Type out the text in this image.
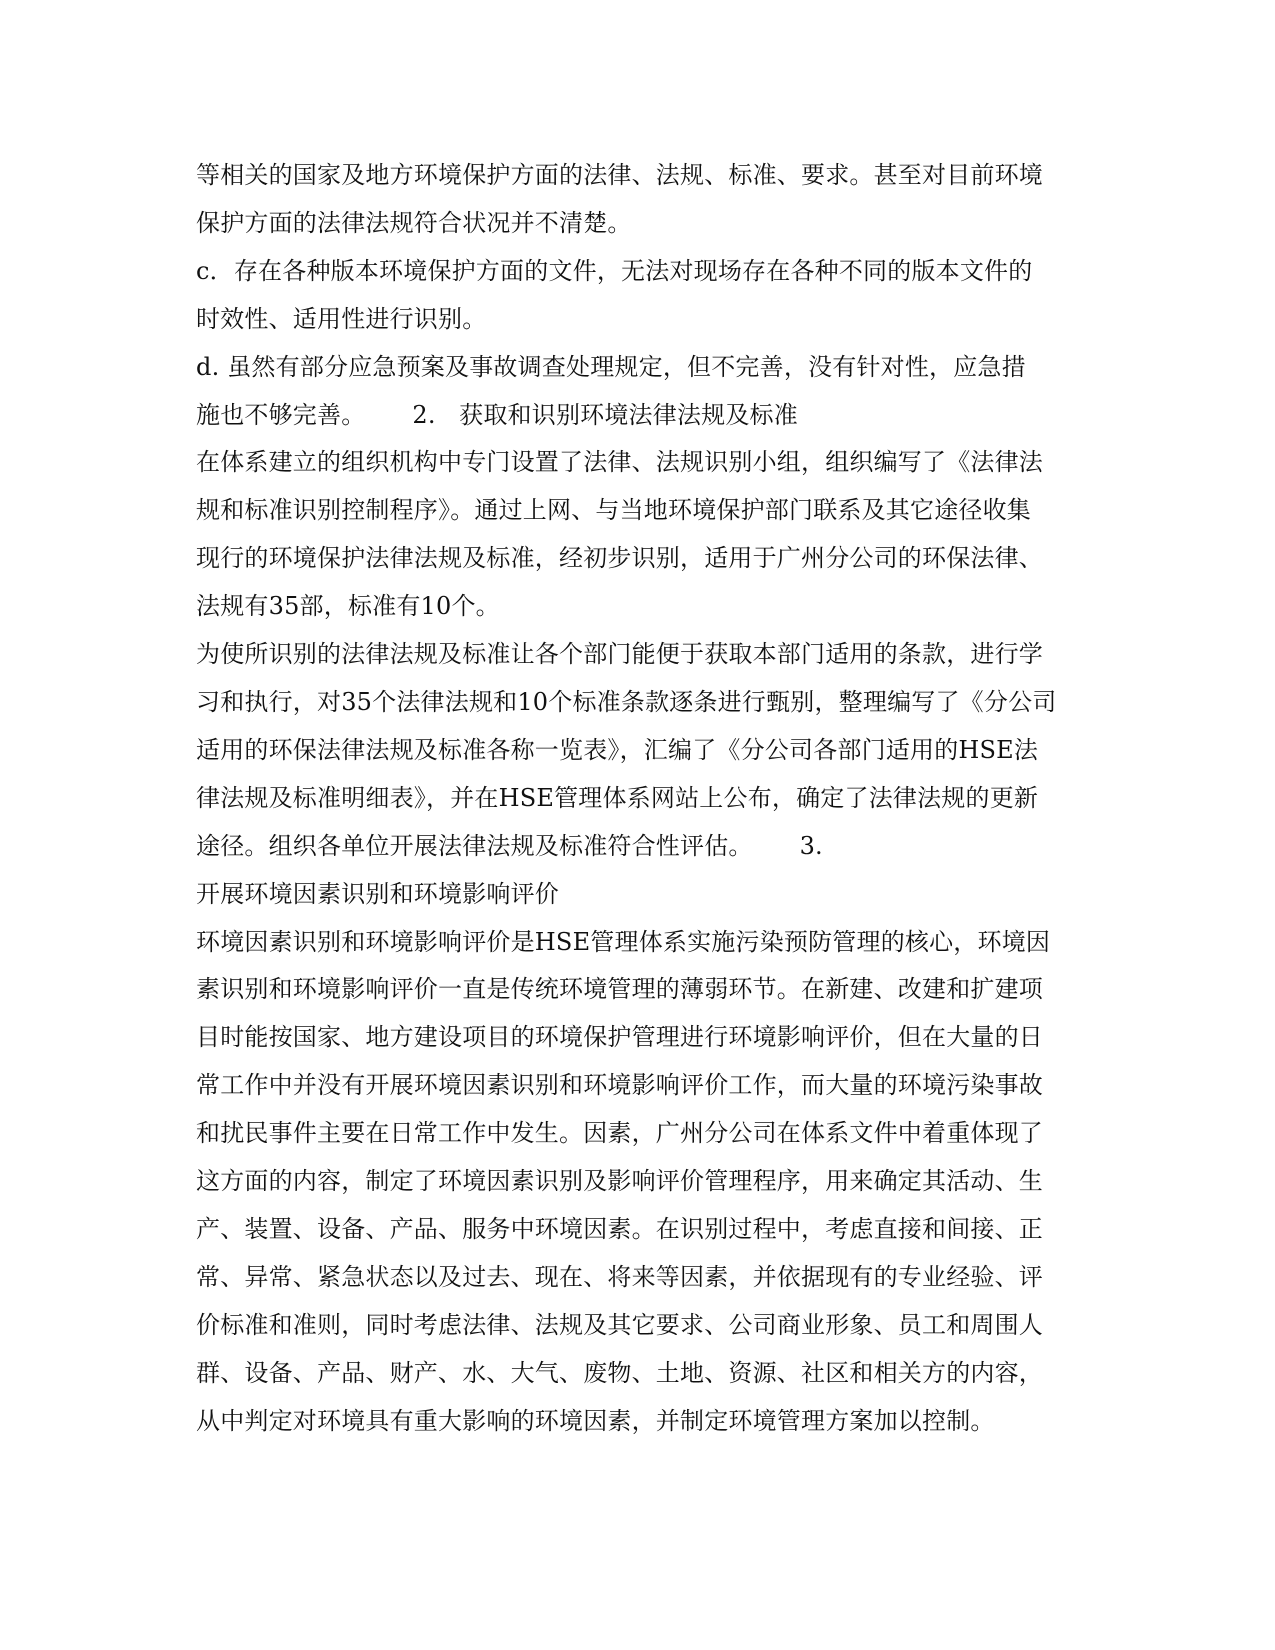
等相关的国家及地方环境保护方面的法律、法规、标准、要求。甚至对目前环境
保护方面的法律法规符合状况并不清楚。
c．存在各种版本环境保护方面的文件，无法对现场存在各种不同的版本文件的
时效性、适用性进行识别。
d. 虽然有部分应急预案及事故调查处理规定，但不完善，没有针对性，应急措
施也不够完善。      2.   获取和识别环境法律法规及标准
在体系建立的组织机构中专门设置了法律、法规识别小组，组织编写了《法律法
规和标准识别控制程序》。通过上网、与当地环境保护部门联系及其它途径收集
现行的环境保护法律法规及标准，经初步识别，适用于广州分公司的环保法律、
法规有35部，标准有10个。
为使所识别的法律法规及标准让各个部门能便于获取本部门适用的条款，进行学
习和执行，对35个法律法规和10个标准条款逐条进行甄别，整理编写了《分公司
适用的环保法律法规及标准各称一览表》，汇编了《分公司各部门适用的HSE法
律法规及标准明细表》，并在HSE管理体系网站上公布，确定了法律法规的更新
途径。组织各单位开展法律法规及标准符合性评估。      3.
开展环境因素识别和环境影响评价
环境因素识别和环境影响评价是HSE管理体系实施污染预防管理的核心，环境因
素识别和环境影响评价一直是传统环境管理的薄弱环节。在新建、改建和扩建项
目时能按国家、地方建设项目的环境保护管理进行环境影响评价，但在大量的日
常工作中并没有开展环境因素识别和环境影响评价工作，而大量的环境污染事故
和扰民事件主要在日常工作中发生。因素，广州分公司在体系文件中着重体现了
这方面的内容，制定了环境因素识别及影响评价管理程序，用来确定其活动、生
产、装置、设备、产品、服务中环境因素。在识别过程中，考虑直接和间接、正
常、异常、紧急状态以及过去、现在、将来等因素，并依据现有的专业经验、评
价标准和准则，同时考虑法律、法规及其它要求、公司商业形象、员工和周围人
群、设备、产品、财产、水、大气、废物、土地、资源、社区和相关方的内容，
从中判定对环境具有重大影响的环境因素，并制定环境管理方案加以控制。
